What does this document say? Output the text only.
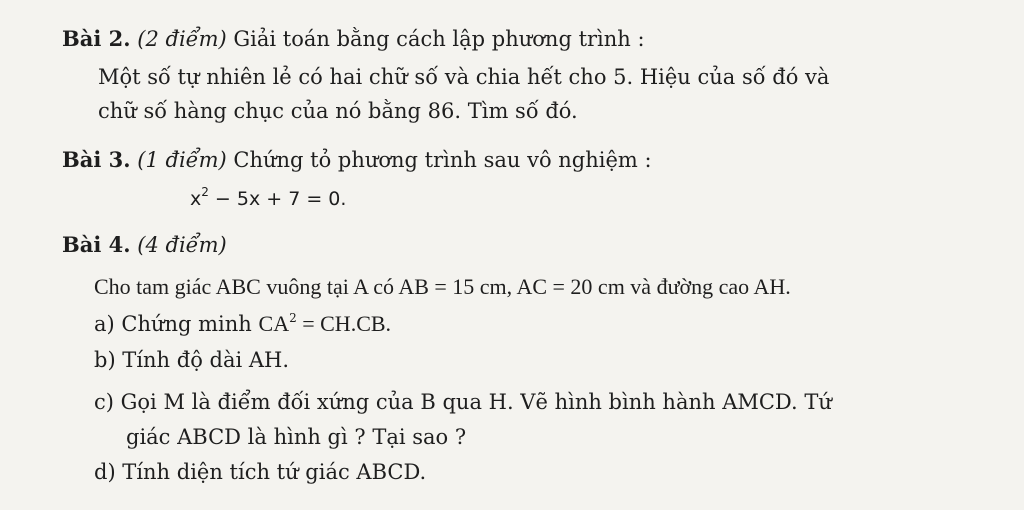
Bài 2. (2 điểm) Giải toán bằng cách lập phương trình :
Một số tự nhiên lẻ có hai chữ số và chia hết cho 5. Hiệu của số đó và
chữ số hàng chục của nó bằng 86. Tìm số đó.
Bài 3. (1 điểm) Chứng tỏ phương trình sau vô nghiệm :
$x^2 - 5x + 7 = 0$.
Bài 4. (4 điểm)
Cho tam giác ABC vuông tại A có AB = 15 cm, AC = 20 cm và đường cao AH.
a) Chứng minh $CA^2 = CH.CB$.
b) Tính độ dài AH.
c) Gọi M là điểm đối xứng của B qua H. Vẽ hình bình hành AMCD. Tứ
giác ABCD là hình gì ? Tại sao ?
d) Tính diện tích tứ giác ABCD.
